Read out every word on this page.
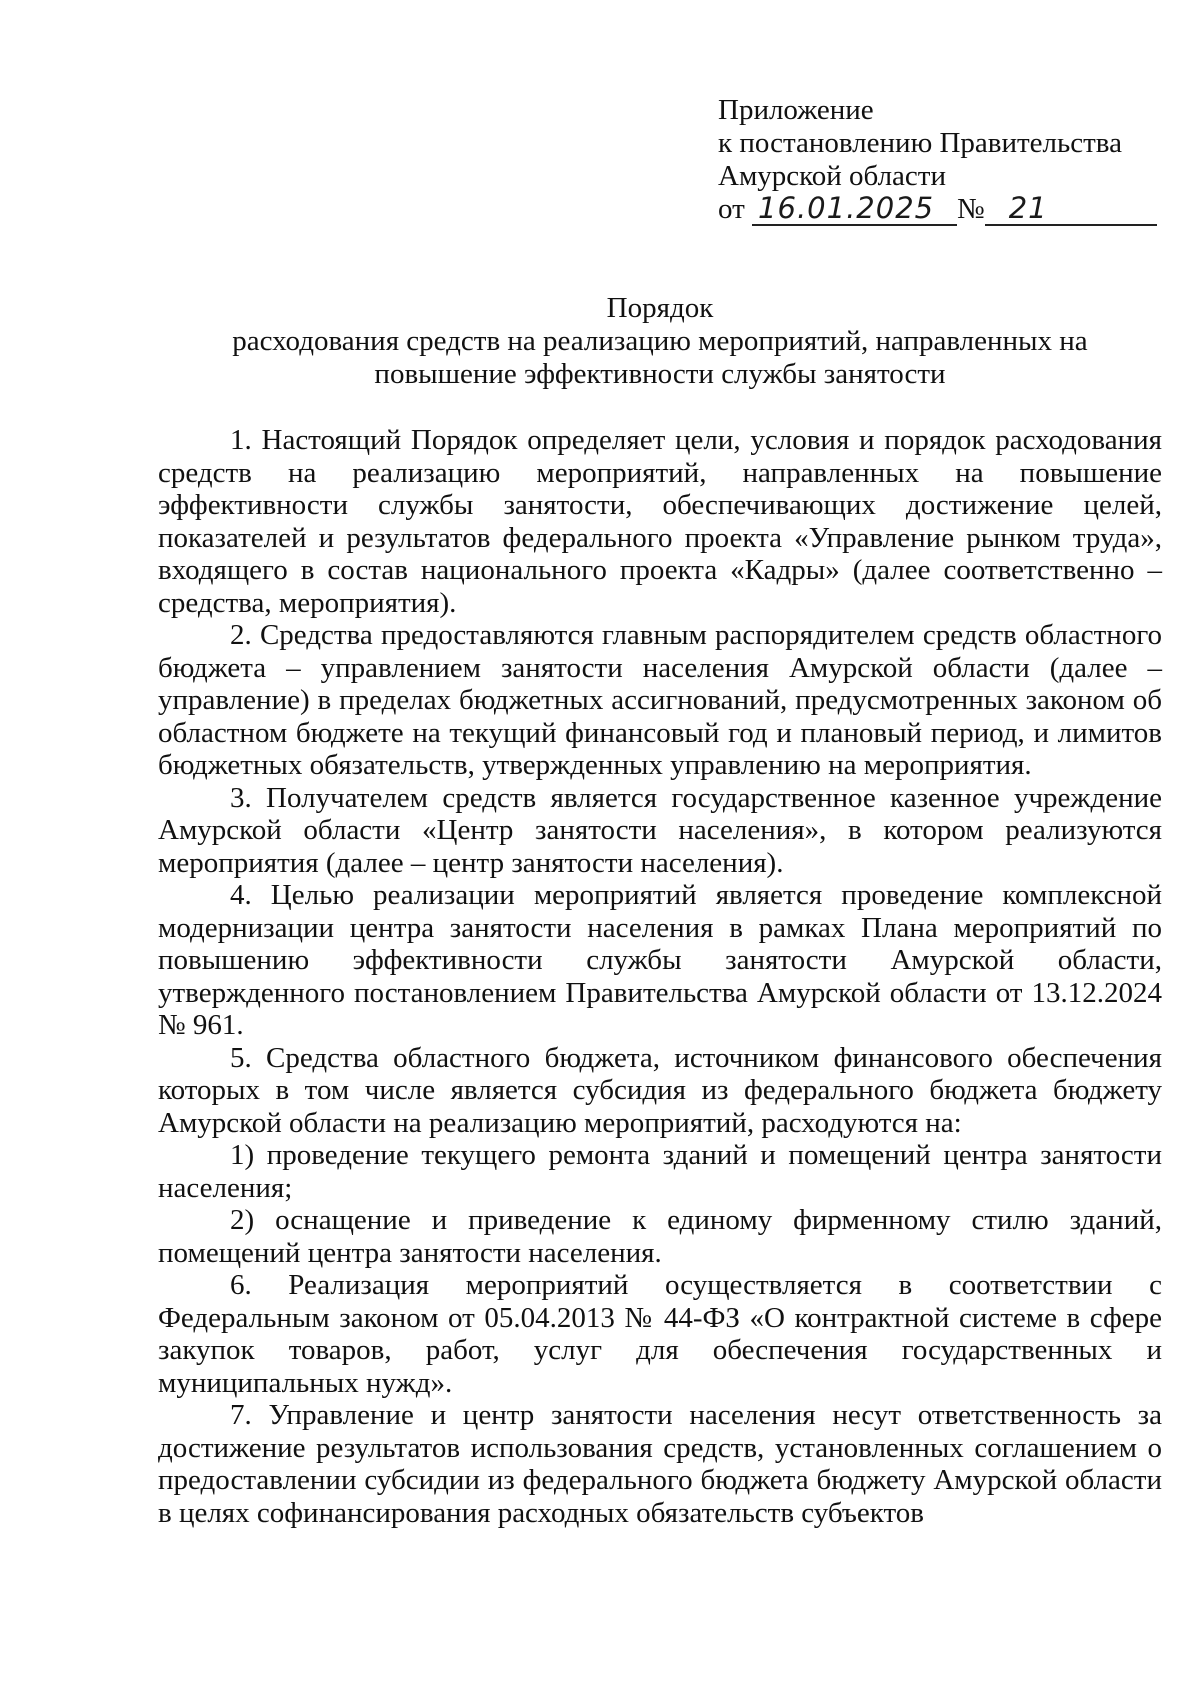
Приложение
к постановлению Правительства
Амурской области
от 16.01.2025 № 21
Порядок
расходования средств на реализацию мероприятий, направленных на
повышение эффективности службы занятости

1. Настоящий Порядок определяет цели, условия и порядок расходования средств на реализацию мероприятий, направленных на повышение эффективности службы занятости, обеспечивающих достижение целей, показателей и результатов федерального проекта «Управление рынком труда», входящего в состав национального проекта «Кадры» (далее соответственно – средства, мероприятия).

2. Средства предоставляются главным распорядителем средств областного бюджета – управлением занятости населения Амурской области (далее – управление) в пределах бюджетных ассигнований, предусмотренных законом об областном бюджете на текущий финансовый год и плановый период, и лимитов бюджетных обязательств, утвержденных управлению на мероприятия.

3. Получателем средств является государственное казенное учреждение Амурской области «Центр занятости населения», в котором реализуются мероприятия (далее – центр занятости населения).

4. Целью реализации мероприятий является проведение комплексной модернизации центра занятости населения в рамках Плана мероприятий по повышению эффективности службы занятости Амурской области, утвержденного постановлением Правительства Амурской области от 13.12.2024 № 961.

5. Средства областного бюджета, источником финансового обеспечения которых в том числе является субсидия из федерального бюджета бюджету Амурской области на реализацию мероприятий, расходуются на:

1) проведение текущего ремонта зданий и помещений центра занятости населения;

2) оснащение и приведение к единому фирменному стилю зданий, помещений центра занятости населения.

6. Реализация мероприятий осуществляется в соответствии с Федеральным законом от 05.04.2013 № 44-ФЗ «О контрактной системе в сфере закупок товаров, работ, услуг для обеспечения государственных и муниципальных нужд».

7. Управление и центр занятости населения несут ответственность за достижение результатов использования средств, установленных соглашением о предоставлении субсидии из федерального бюджета бюджету Амурской области в целях софинансирования расходных обязательств субъектов
